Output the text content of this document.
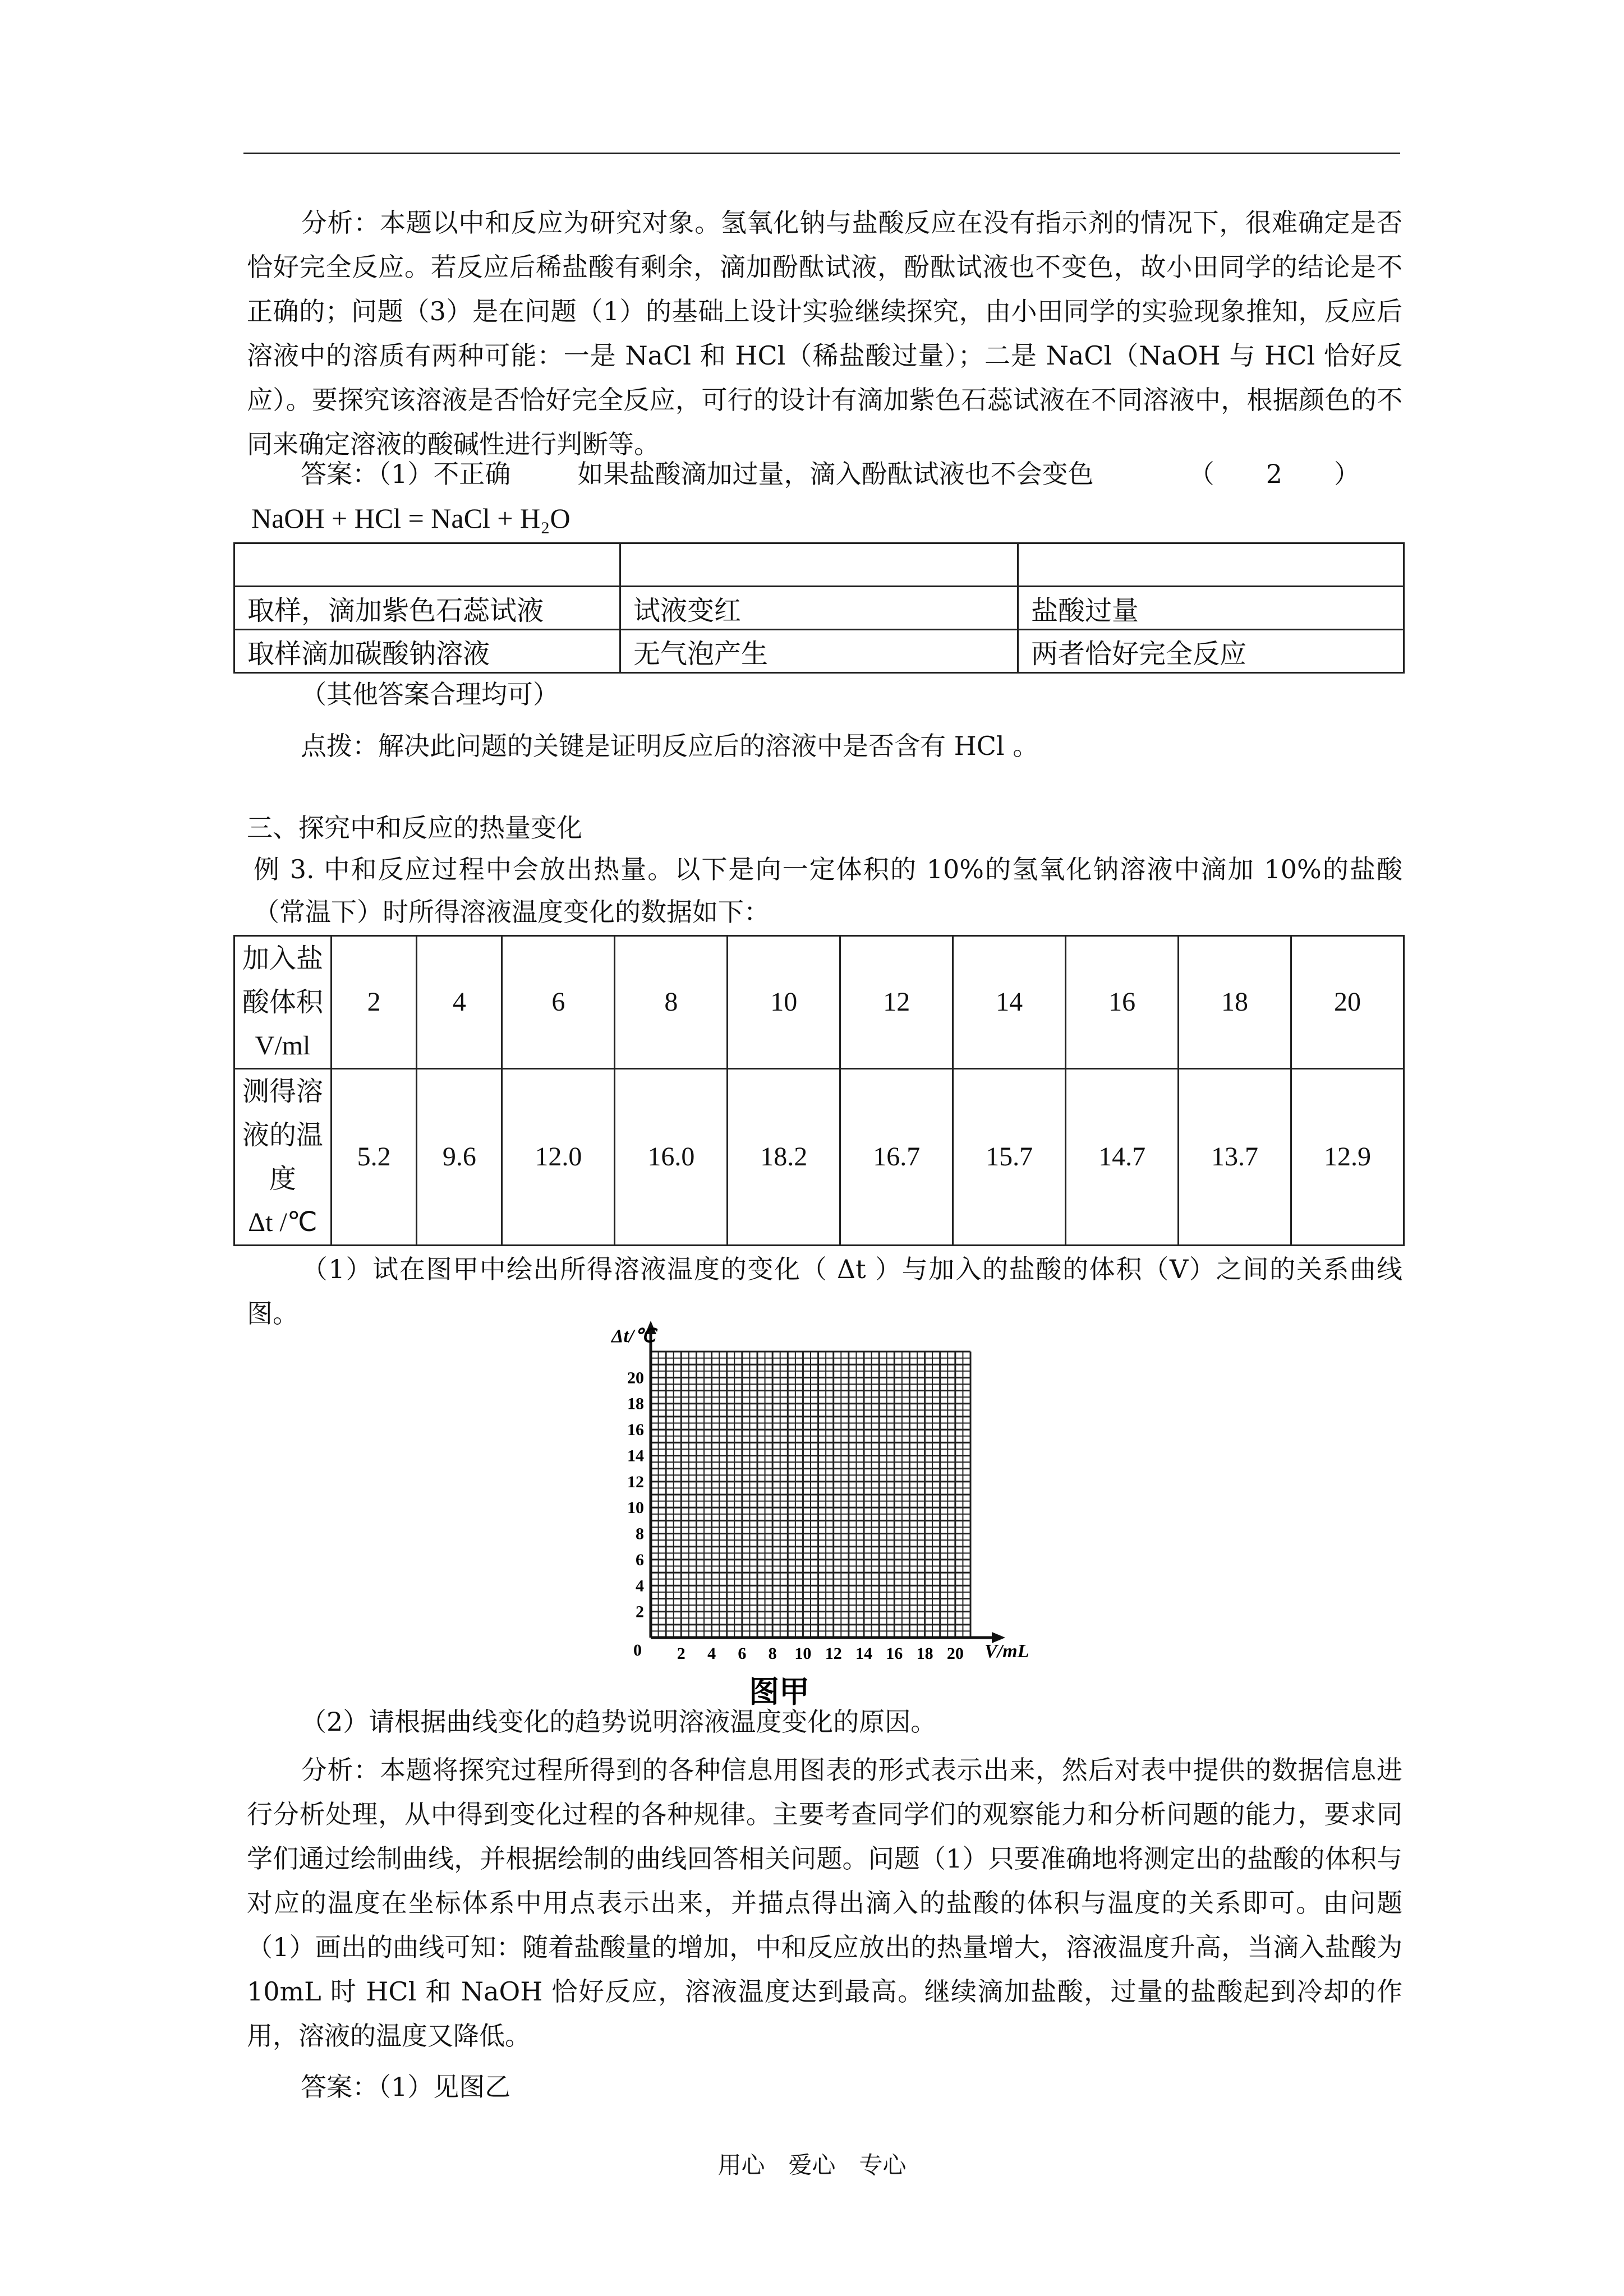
分析：本题以中和反应为研究对象。氢氧化钠与盐酸反应在没有指示剂的情况下，很难确定是否恰好完全反应。若反应后稀盐酸有剩余，滴加酚酞试液，酚酞试液也不变色，故小田同学的结论是不正确的；问题（3）是在问题（1）的基础上设计实验继续探究，由小田同学的实验现象推知，反应后溶液中的溶质有两种可能：一是 NaCl 和 HCl（稀盐酸过量）；二是 NaCl（NaOH 与 HCl 恰好反应）。要探究该溶液是否恰好完全反应，可行的设计有滴加紫色石蕊试液在不同溶液中，根据颜色的不同来确定溶液的酸碱性进行判断等。

答案：（1）不正确	如果盐酸滴加过量，滴入酚酞试液也不会变色	（　　2　　）
NaOH + HCl = NaCl + H₂O

取样，滴加紫色石蕊试液	试液变红	盐酸过量
取样滴加碳酸钠溶液	无气泡产生	两者恰好完全反应
（其他答案合理均可）
点拨：解决此问题的关键是证明反应后的溶液中是否含有 HCl 。
三、探究中和反应的热量变化

例 3. 中和反应过程中会放出热量。以下是向一定体积的 10%的氢氧化钠溶液中滴加 10%的盐酸（常温下）时所得溶液温度变化的数据如下：

加入盐
酸体积
V/ml	2	4	6	8	10	12	14	16	18	20

测得溶
液的温
度
Δt /℃	5.2	9.6	12.0	16.0	18.2	16.7	15.7	14.7	13.7	12.9

（1）试在图甲中绘出所得溶液温度的变化（ Δt ）与加入的盐酸的体积（V）之间的关系曲线图。

2 4 6 8 10 12 14 16 18 20
2
4
6
8
10
12
14
16
18
20
0
Δt/℃
V/mL
图甲
（2）请根据曲线变化的趋势说明溶液温度变化的原因。

分析：本题将探究过程所得到的各种信息用图表的形式表示出来，然后对表中提供的数据信息进行分析处理，从中得到变化过程的各种规律。主要考查同学们的观察能力和分析问题的能力，要求同学们通过绘制曲线，并根据绘制的曲线回答相关问题。问题（1）只要准确地将测定出的盐酸的体积与对应的温度在坐标体系中用点表示出来，并描点得出滴入的盐酸的体积与温度的关系即可。由问题（1）画出的曲线可知：随着盐酸量的增加，中和反应放出的热量增大，溶液温度升高，当滴入盐酸为 10mL 时 HCl 和 NaOH 恰好反应，溶液温度达到最高。继续滴加盐酸，过量的盐酸起到冷却的作用，溶液的温度又降低。

答案：（1）见图乙
用心　爱心　专心
